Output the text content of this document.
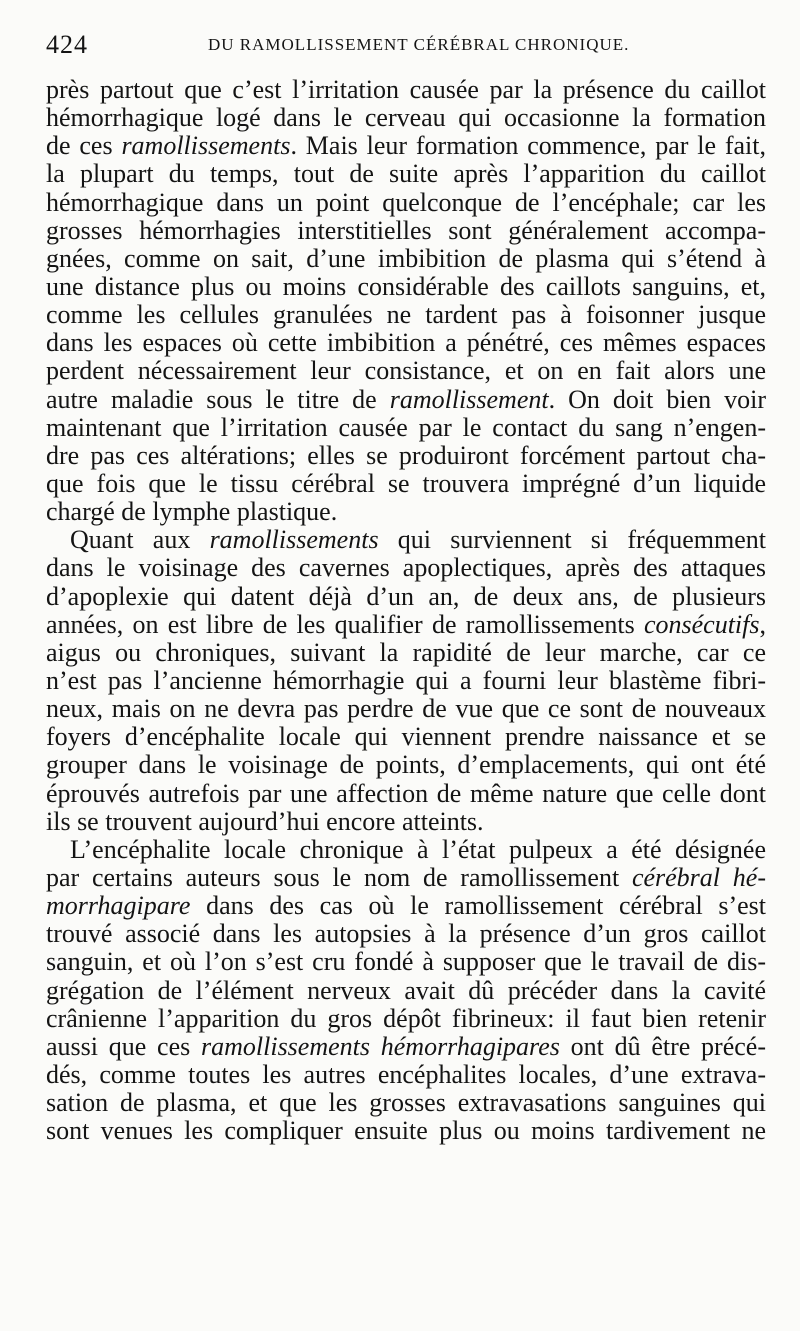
424	DU RAMOLLISSEMENT CÉRÉBRAL CHRONIQUE.
près partout que c’est l’irritation causée par la présence du caillot
hémorrhagique logé dans le cerveau qui occasionne la formation
de ces ramollissements. Mais leur formation commence, par le fait,
la plupart du temps, tout de suite après l’apparition du caillot
hémorrhagique dans un point quelconque de l’encéphale; car les
grosses hémorrhagies interstitielles sont généralement accompa-
gnées, comme on sait, d’une imbibition de plasma qui s’étend à
une distance plus ou moins considérable des caillots sanguins, et,
comme les cellules granulées ne tardent pas à foisonner jusque
dans les espaces où cette imbibition a pénétré, ces mêmes espaces
perdent nécessairement leur consistance, et on en fait alors une
autre maladie sous le titre de ramollissement. On doit bien voir
maintenant que l’irritation causée par le contact du sang n’engen-
dre pas ces altérations; elles se produiront forcément partout cha-
que fois que le tissu cérébral se trouvera imprégné d’un liquide
chargé de lymphe plastique.
Quant aux ramollissements qui surviennent si fréquemment
dans le voisinage des cavernes apoplectiques, après des attaques
d’apoplexie qui datent déjà d’un an, de deux ans, de plusieurs
années, on est libre de les qualifier de ramollissements consécutifs,
aigus ou chroniques, suivant la rapidité de leur marche, car ce
n’est pas l’ancienne hémorrhagie qui a fourni leur blastème fibri-
neux, mais on ne devra pas perdre de vue que ce sont de nouveaux
foyers d’encéphalite locale qui viennent prendre naissance et se
grouper dans le voisinage de points, d’emplacements, qui ont été
éprouvés autrefois par une affection de même nature que celle dont
ils se trouvent aujourd’hui encore atteints.
L’encéphalite locale chronique à l’état pulpeux a été désignée
par certains auteurs sous le nom de ramollissement cérébral hé-
morrhagipare dans des cas où le ramollissement cérébral s’est
trouvé associé dans les autopsies à la présence d’un gros caillot
sanguin, et où l’on s’est cru fondé à supposer que le travail de dis-
grégation de l’élément nerveux avait dû précéder dans la cavité
crânienne l’apparition du gros dépôt fibrineux: il faut bien retenir
aussi que ces ramollissements hémorrhagipares ont dû être précé-
dés, comme toutes les autres encéphalites locales, d’une extrava-
sation de plasma, et que les grosses extravasations sanguines qui
sont venues les compliquer ensuite plus ou moins tardivement ne
